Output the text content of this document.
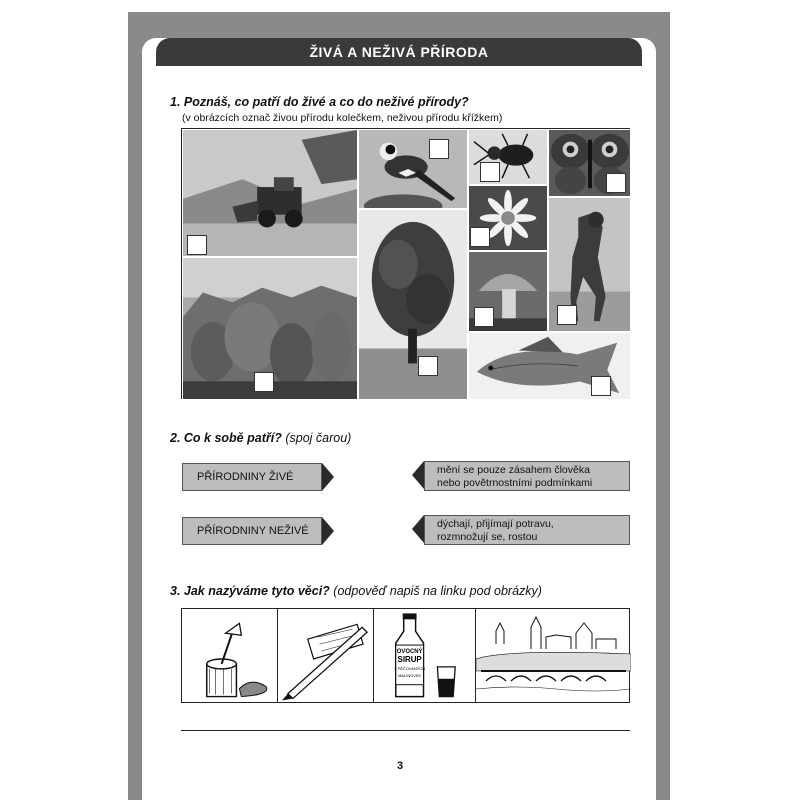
ŽIVÁ A NEŽIVÁ PŘÍRODA
1. Poznáš, co patří do živé a co do neživé přírody?
(v obrázcích označ živou přírodu kolečkem, neživou přírodu křížkem)
2. Co k sobě patří? (spoj čarou)
PŘÍRODNINY ŽIVÉ
PŘÍRODNINY NEŽIVÉ
mění se pouze zásahem člověka
nebo povětrnostními podmínkami
dýchají, přijímají potravu,
rozmnožují se, rostou
3. Jak nazýváme tyto věci? (odpověď napiš na linku pod obrázky)
OVOCNÝ
SIRUP
Z PÉČOVANÝCH
MALINOVEK
3
